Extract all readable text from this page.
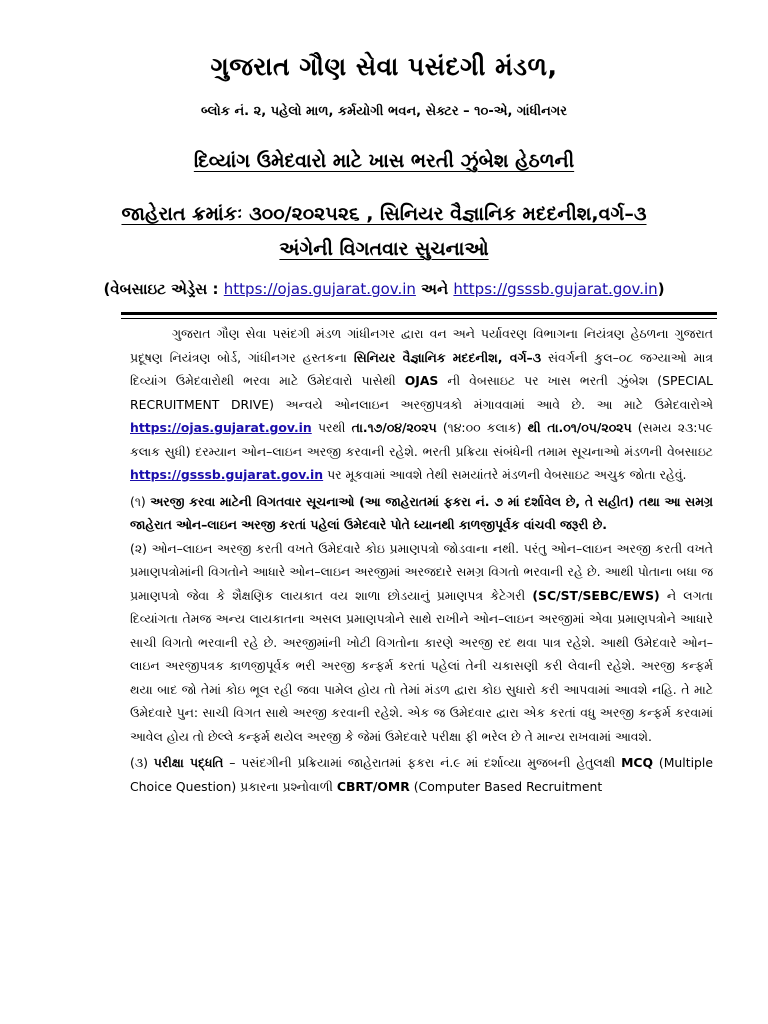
ગુજરાત ગૌણ સેવા પસંદગી મંડળ,
બ્લોક નં. ૨, પહેલો માળ, કર્મયોગી ભવન, સેક્ટર – ૧૦-એ, ગાંધીનગર
દિવ્યાંગ ઉમેદવારો માટે ખાસ ભરતી ઝુંબેશ હેઠળની
જાહેરાત ક્રમાંકઃ ૩૦૦/૨૦૨૫૨૬ , સિનિયર વૈજ્ઞાનિક મદદનીશ,વર્ગ–૩
અંગેની વિગતવાર સુચનાઓ
(વેબસાઇટ એડ્રેસ : https://ojas.gujarat.gov.in અને https://gsssb.gujarat.gov.in)

ગુજરાત ગૌણ સેવા પસંદગી મંડળ ગાંધીનગર દ્વારા વન અને પર્યાવરણ વિભાગના નિયંત્રણ હેઠળના ગુજરાત પ્રદૂષણ નિયંત્રણ બોર્ડ, ગાંધીનગર હસ્તકના સિનિયર વૈજ્ઞાનિક મદદનીશ, વર્ગ–૩ સંવર્ગની કુલ–૦૮ જગ્યાઓ માત્ર દિવ્યાંગ ઉમેદવારોથી ભરવા માટે ઉમેદવારો પાસેથી OJAS ની વેબસાઇટ પર ખાસ ભરતી ઝુંબેશ (SPECIAL RECRUITMENT DRIVE) અન્વયે ઓનલાઇન અરજીપત્રકો મંગાવવામાં આવે છે. આ માટે ઉમેદવારોએ https://ojas.gujarat.gov.in પરથી તા.૧૭/૦૪/૨૦૨૫ (૧૪:૦૦ કલાક) થી તા.૦૧/૦૫/૨૦૨૫ (સમય ૨૩:૫૯ કલાક સુધી) દરમ્યાન ઓન–લાઇન અરજી કરવાની રહેશે. ભરતી પ્રક્રિયા સંબંધેની તમામ સૂચનાઓ મંડળની વેબસાઇટ https://gsssb.gujarat.gov.in પર મૂકવામાં આવશે તેથી સમયાંતરે મંડળની વેબસાઇટ અચુક જોતા રહેવું.

(૧) અરજી કરવા માટેની વિગતવાર સૂચનાઓ (આ જાહેરાતમાં ફકરા નં. ૭ માં દર્શાવેલ છે, તે સહીત) તથા આ સમગ્ર જાહેરાત ઓન–લાઇન અરજી કરતાં પહેલાં ઉમેદવારે પોતે ધ્યાનથી કાળજીપૂર્વક વાંચવી જરૂરી છે.

(૨) ઓન–લાઇન અરજી કરતી વખતે ઉમેદવારે કોઇ પ્રમાણપત્રો જોડવાના નથી. પરંતુ ઓન–લાઇન અરજી કરતી વખતે પ્રમાણપત્રોમાંની વિગતોને આધારે ઓન–લાઇન અરજીમાં અરજદારે સમગ્ર વિગતો ભરવાની રહે છે. આથી પોતાના બધા જ પ્રમાણપત્રો જેવા કે શૈક્ષણિક લાયકાત વય શાળા છોડયાનું પ્રમાણપત્ર કેટેગરી (SC/ST/SEBC/EWS) ને લગતા દિવ્યાંગતા તેમજ અન્ય લાયકાતના અસલ પ્રમાણપત્રોને સાથે રાખીને ઓન–લાઇન અરજીમાં એવા પ્રમાણપત્રોને આધારે સાચી વિગતો ભરવાની રહે છે. અરજીમાંની ખોટી વિગતોના કારણે અરજી રદ થવા પાત્ર રહેશે. આથી ઉમેદવારે ઓન–લાઇન અરજીપત્રક કાળજીપૂર્વક ભરી અરજી કન્ફર્મ કરતાં પહેલાં તેની ચકાસણી કરી લેવાની રહેશે. અરજી કન્ફર્મ થયા બાદ જો તેમાં કોઇ ભૂલ રહી જવા પામેલ હોય તો તેમાં મંડળ દ્વારા કોઇ સુધારો કરી આપવામાં આવશે નહિ. તે માટે ઉમેદવારે પુન: સાચી વિગત સાથે અરજી કરવાની રહેશે. એક જ ઉમેદવાર દ્વારા એક કરતાં વધુ અરજી કન્ફર્મ કરવામાં આવેલ હોય તો છેલ્લે કન્ફર્મ થયેલ અરજી કે જેમાં ઉમેદવારે પરીક્ષા ફી ભરેલ છે તે માન્ય રાખવામાં આવશે.

(૩) પરીક્ષા પદ્ધતિ – પસંદગીની પ્રક્રિયામાં જાહેરાતમાં ફકરા નં.૯ માં દર્શાવ્યા મુજબની હેતુલક્ષી MCQ (Multiple Choice Question) પ્રકારના પ્રશ્નોવાળી CBRT/OMR (Computer Based Recruitment
